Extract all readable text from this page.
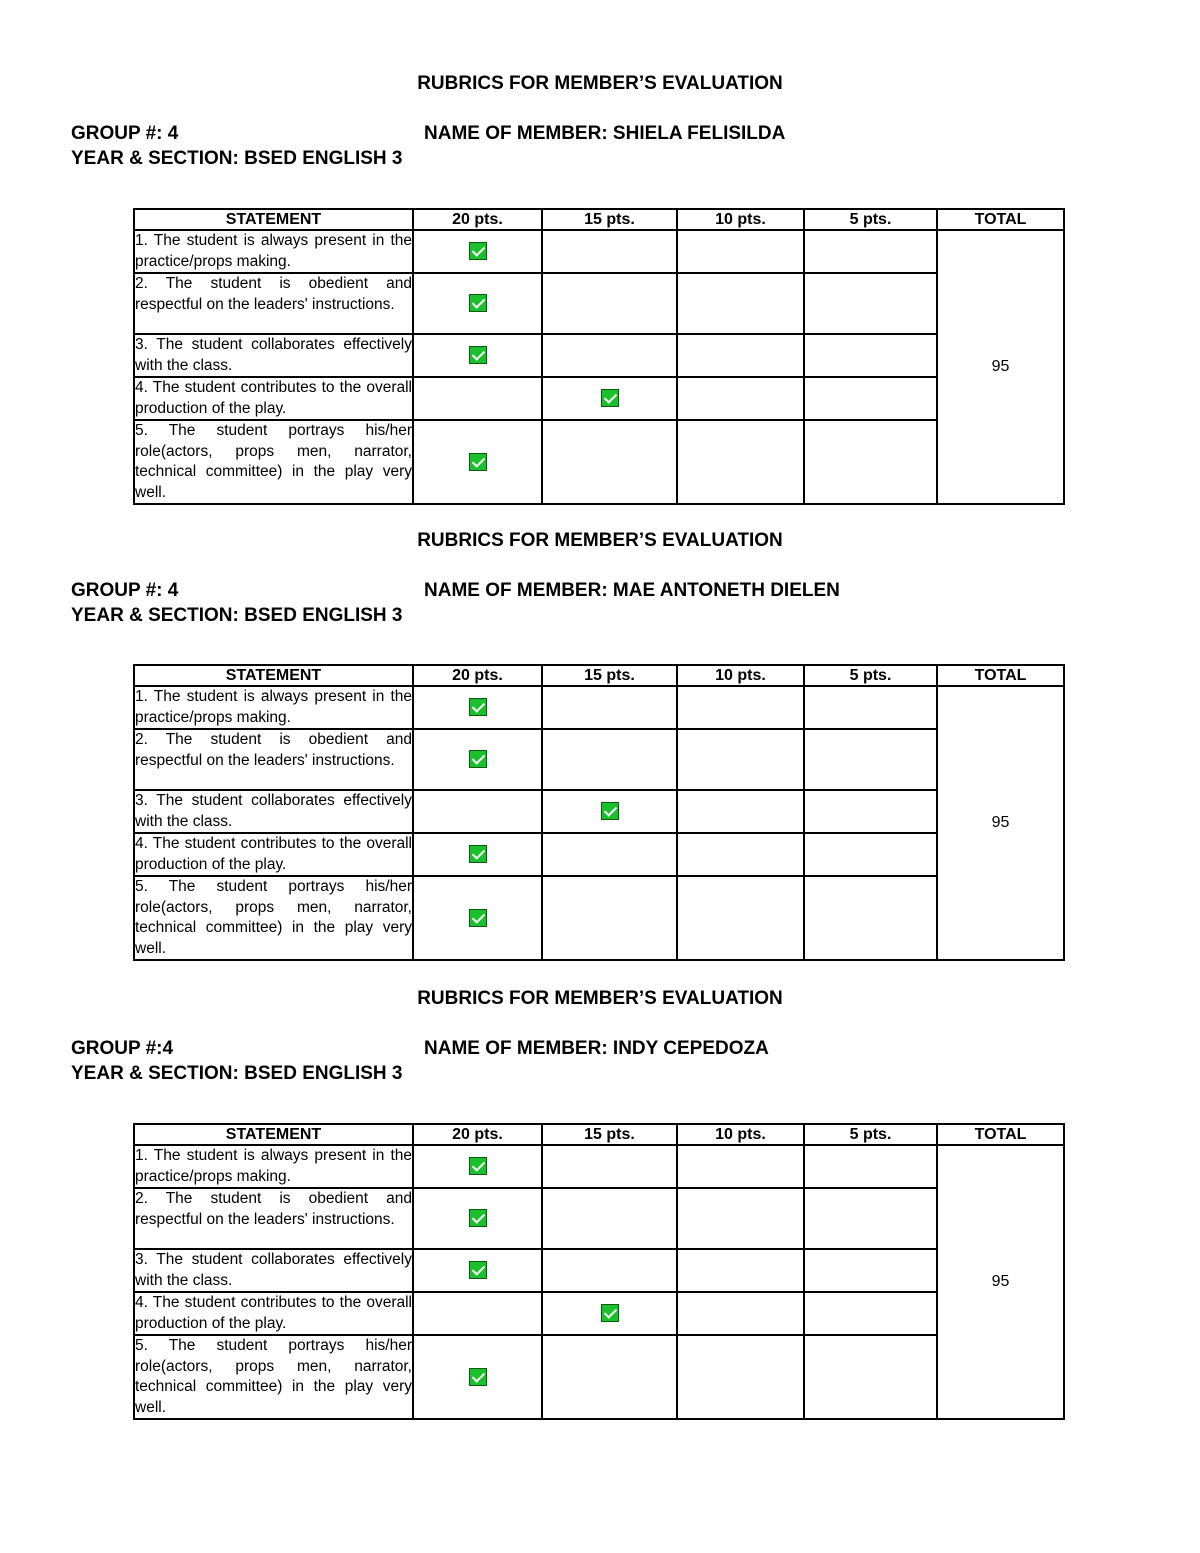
RUBRICS FOR MEMBER’S EVALUATION
GROUP #: 4	NAME OF MEMBER: SHIELA FELISILDA
YEAR & SECTION: BSED ENGLISH 3
STATEMENT	20 pts.	15 pts.	10 pts.	5 pts.	TOTAL
1. The student is always present in the practice/props making.					95
2. The student is obedient and respectful on the leaders' instructions.					
3. The student collaborates effectively with the class.					
4. The student contributes to the overall production of the play.					
5. The student portrays his/her role(actors, props men, narrator, technical committee) in the play very well.					
RUBRICS FOR MEMBER’S EVALUATION
GROUP #: 4	NAME OF MEMBER: MAE ANTONETH DIELEN
YEAR & SECTION: BSED ENGLISH 3
STATEMENT	20 pts.	15 pts.	10 pts.	5 pts.	TOTAL
1. The student is always present in the practice/props making.					95
2. The student is obedient and respectful on the leaders' instructions.					
3. The student collaborates effectively with the class.					
4. The student contributes to the overall production of the play.					
5. The student portrays his/her role(actors, props men, narrator, technical committee) in the play very well.					
RUBRICS FOR MEMBER’S EVALUATION
GROUP #:4	NAME OF MEMBER: INDY CEPEDOZA
YEAR & SECTION: BSED ENGLISH 3
STATEMENT	20 pts.	15 pts.	10 pts.	5 pts.	TOTAL
1. The student is always present in the practice/props making.					95
2. The student is obedient and respectful on the leaders' instructions.					
3. The student collaborates effectively with the class.					
4. The student contributes to the overall production of the play.					
5. The student portrays his/her role(actors, props men, narrator, technical committee) in the play very well.					
